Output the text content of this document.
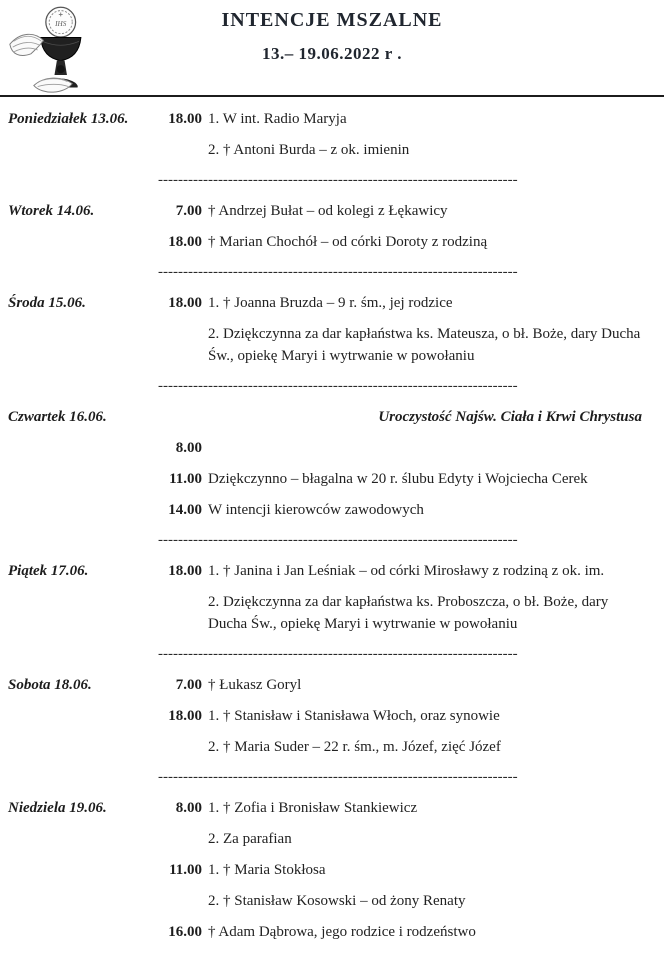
IHS	INTENCJE MSZALNE
13.– 19.06.2022 r .
Poniedziałek 13.06.	18.00 1. W int. Radio Maryja
2. † Antoni Burda – z ok. imienin
------------------------------------------------------------------------
Wtorek 14.06.	7.00 † Andrzej Bułat – od kolegi z Łękawicy
18.00 † Marian Chochół – od córki Doroty z rodziną
------------------------------------------------------------------------
Środa 15.06.	18.00 1. † Joanna Bruzda – 9 r. śm., jej rodzice
2. Dziękczynna za dar kapłaństwa ks. Mateusza, o bł. Boże, dary Ducha Św., opiekę Maryi i wytrwanie w powołaniu
------------------------------------------------------------------------
Czwartek 16.06.	Uroczystość Najśw. Ciała i Krwi Chrystusa
8.00
11.00 Dziękczynno – błagalna w 20 r. ślubu Edyty i Wojciecha Cerek
14.00 W intencji kierowców zawodowych
------------------------------------------------------------------------
Piątek 17.06.	18.00 1. † Janina i Jan Leśniak – od córki Mirosławy z rodziną z ok. im.
2. Dziękczynna za dar kapłaństwa ks. Proboszcza, o bł. Boże, dary Ducha Św., opiekę Maryi i wytrwanie w powołaniu
------------------------------------------------------------------------
Sobota 18.06.	7.00 † Łukasz Goryl
18.00 1. † Stanisław i Stanisława Włoch, oraz synowie
2. † Maria Suder – 22 r. śm., m. Józef, zięć Józef
------------------------------------------------------------------------
Niedziela 19.06.	8.00 1. † Zofia i Bronisław Stankiewicz
2. Za parafian
11.00 1. † Maria Stokłosa
2. † Stanisław Kosowski – od żony Renaty
16.00 † Adam Dąbrowa, jego rodzice i rodzeństwo
